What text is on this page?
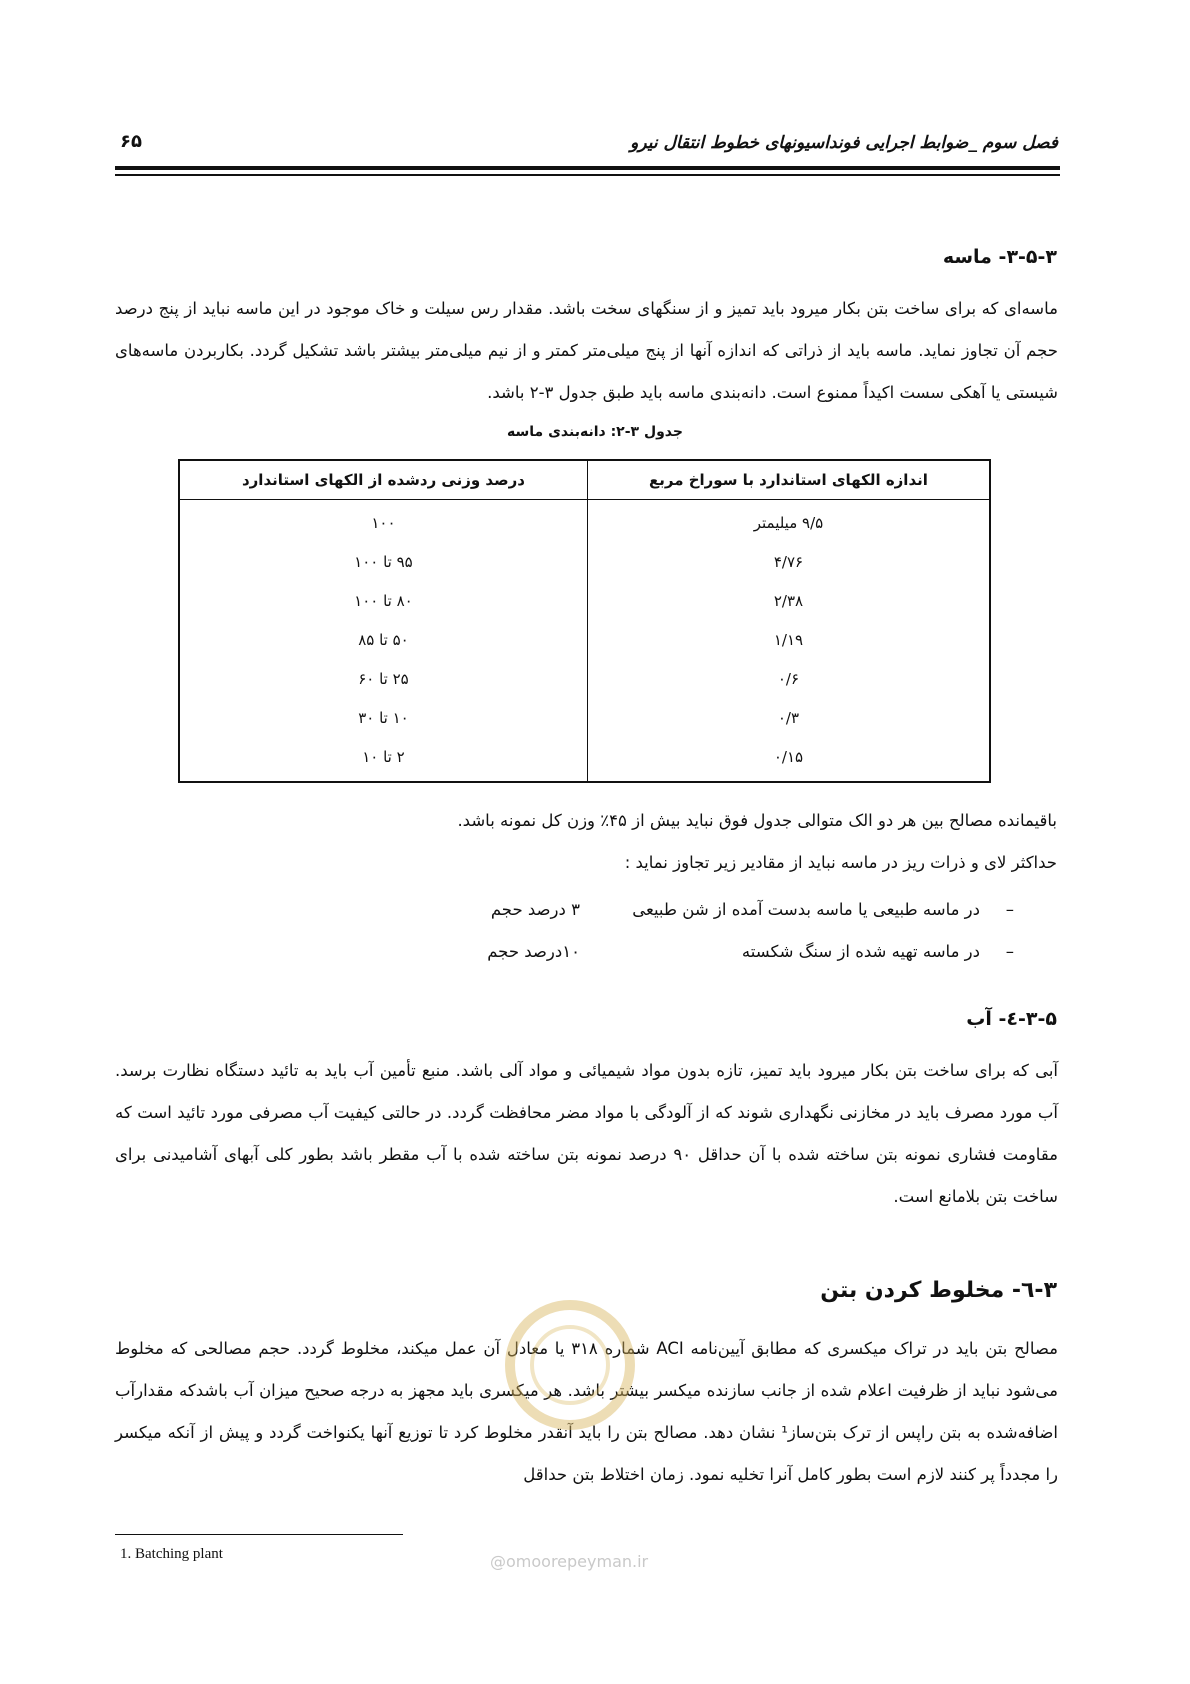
فصل سوم _ضوابط اجرایی فونداسیونهای خطوط انتقال نیرو
۶۵
۳-۵-۳- ماسه

ماسه‌ای که برای ساخت بتن بکار میرود باید تمیز و از سنگهای سخت باشد. مقدار رس سیلت و خاک موجود در این ماسه نباید از پنج درصد حجم آن تجاوز نماید. ماسه باید از ذراتی که اندازه آنها از پنج میلی‌متر کمتر و از نیم میلی‌متر بیشتر باشد تشکیل گردد. بکاربردن ماسه‌های شیستی یا آهکی سست اکیداً ممنوع است. دانه‌بندی ماسه باید طبق جدول ۳-۲ باشد.

جدول ۳-۲: دانه‌بندی ماسه
اندازه الکهای استاندارد با سوراخ مربع	درصد وزنی ردشده از الکهای استاندارد
۹/۵ میلیمتر	۱۰۰
۴/۷۶	۹۵ تا ۱۰۰
۲/۳۸	۸۰ تا ۱۰۰
۱/۱۹	۵۰ تا ۸۵
۰/۶	۲۵ تا ۶۰
۰/۳	۱۰ تا ۳۰
۰/۱۵	۲ تا ۱۰
باقیمانده مصالح بین هر دو الک متوالی جدول فوق نباید بیش از ۴۵٪ وزن کل نمونه باشد.
حداکثر لای و ذرات ریز در ماسه نباید از مقادیر زیر تجاوز نماید :
–
در ماسه طبیعی یا ماسه بدست آمده از شن طبیعی
۳ درصد حجم
–
در ماسه تهیه شده از سنگ شکسته
۱۰درصد حجم
۳-۵-٤- آب

آبی که برای ساخت بتن بکار میرود باید تمیز، تازه بدون مواد شیمیائی و مواد آلی باشد. منبع تأمین آب باید به تائید دستگاه نظارت برسد. آب مورد مصرف باید در مخازنی نگهداری شوند که از آلودگی با مواد مضر محافظت گردد. در حالتی کیفیت آب مصرفی مورد تائید است که مقاومت فشاری نمونه بتن ساخته شده با آن حداقل ۹۰ درصد نمونه بتن ساخته شده با آب مقطر باشد بطور کلی آبهای آشامیدنی برای ساخت بتن بلامانع است.

۳-٦- مخلوط کردن بتن

مصالح بتن باید در تراک میکسری که مطابق آیین‌نامه ACI شماره ۳۱۸ یا معادل آن عمل میکند، مخلوط گردد. حجم مصالحی که مخلوط می‌شود نباید از ظرفیت اعلام شده از جانب سازنده میکسر بیشتر باشد. هر میکسری باید مجهز به درجه صحیح میزان آب باشدکه مقدارآب اضافه‌شده به بتن راپس از ترک بتن‌ساز¹ نشان دهد. مصالح بتن را باید آنقدر مخلوط کرد تا توزیع آنها یکنواخت گردد و پیش از آنکه میکسر را مجدداً پر کنند لازم است بطور کامل آنرا تخلیه نمود. زمان اختلاط بتن حداقل

@omoorepeyman.ir
1. Batching plant
